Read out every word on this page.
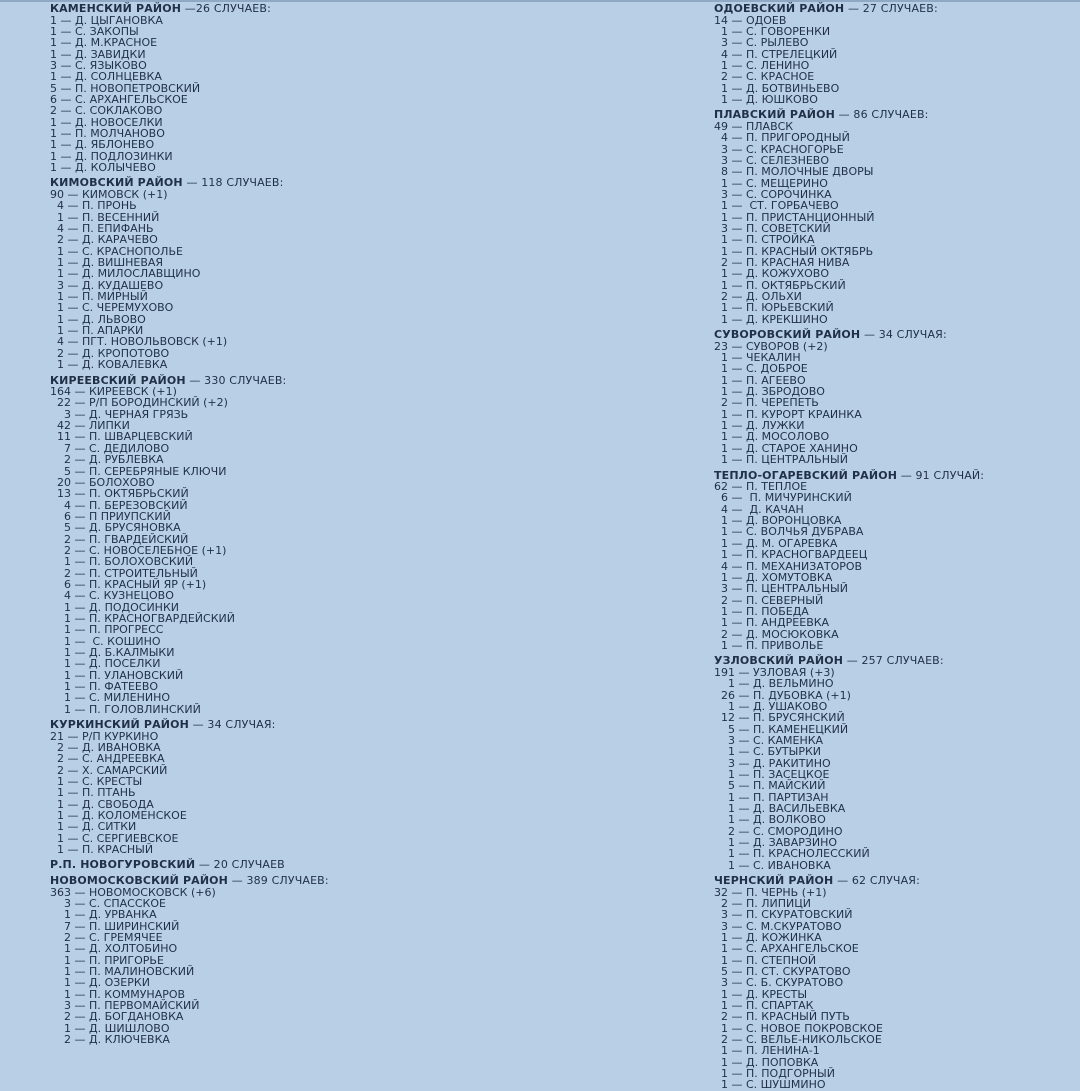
КАМЕНСКИЙ РАЙОН —26 СЛУЧАЕВ:
1 — Д. ЦЫГАНОВКА
1 — С. ЗАКОПЫ
1 — Д. М.КРАСНОЕ
1 — Д. ЗАВИДКИ
3 — С. ЯЗЫКОВО
1 — Д. СОЛНЦЕВКА
5 — П. НОВОПЕТРОВСКИЙ
6 — С. АРХАНГЕЛЬСКОЕ
2 — С. СОКЛАКОВО
1 — Д. НОВОСЕЛКИ
1 — П. МОЛЧАНОВО
1 — Д. ЯБЛОНЕВО
1 — Д. ПОДЛОЗИНКИ
1 — Д. КОЛЫЧЕВО
КИМОВСКИЙ РАЙОН — 118 СЛУЧАЕВ:
90 — КИМОВСК (+1)
4 — П. ПРОНЬ
1 — П. ВЕСЕННИЙ
4 — П. ЕПИФАНЬ
2 — Д. КАРАЧЕВО
1 — С. КРАСНОПОЛЬЕ
1 — Д. ВИШНЕВАЯ
1 — Д. МИЛОСЛАВЩИНО
3 — Д. КУДАШЕВО
1 — П. МИРНЫЙ
1 — С. ЧЕРЕМУХОВО
1 — Д. ЛЬВОВО
1 — П. АПАРКИ
4 — ПГТ. НОВОЛЬВОВСК (+1)
2 — Д. КРОПОТОВО
1 — Д. КОВАЛЕВКА
КИРЕЕВСКИЙ РАЙОН — 330 СЛУЧАЕВ:
164 — КИРЕЕВСК (+1)
22 — Р/П БОРОДИНСКИЙ (+2)
3 — Д. ЧЕРНАЯ ГРЯЗЬ
42 — ЛИПКИ
11 — П. ШВАРЦЕВСКИЙ
7 — С. ДЕДИЛОВО
2 — Д. РУБЛЕВКА
5 — П. СЕРЕБРЯНЫЕ КЛЮЧИ
20 — БОЛОХОВО
13 — П. ОКТЯБРЬСКИЙ
4 — П. БЕРЕЗОВСКИЙ
6 — П ПРИУПСКИЙ
5 — Д. БРУСЯНОВКА
2 — П. ГВАРДЕЙСКИЙ
2 — С. НОВОСЕЛЕБНОЕ (+1)
1 — П. БОЛОХОВСКИЙ
2 — П. СТРОИТЕЛЬНЫЙ
6 — П. КРАСНЫЙ ЯР (+1)
4 — С. КУЗНЕЦОВО
1 — Д. ПОДОСИНКИ
1 — П. КРАСНОГВАРДЕЙСКИЙ
1 — П. ПРОГРЕСС
1 —  С. КОШИНО
1 — Д. Б.КАЛМЫКИ
1 — Д. ПОСЕЛКИ
1 — П. УЛАНОВСКИЙ
1 — П. ФАТЕЕВО
1 — С. МИЛЕНИНО
1 — П. ГОЛОВЛИНСКИЙ
КУРКИНСКИЙ РАЙОН — 34 СЛУЧАЯ:
21 — Р/П КУРКИНО
2 — Д. ИВАНОВКА
2 — С. АНДРЕЕВКА
2 — Х. САМАРСКИЙ
1 — С. КРЕСТЫ
1 — П. ПТАНЬ
1 — Д. СВОБОДА
1 — Д. КОЛОМЕНСКОЕ
1 — Д. СИТКИ
1 — С. СЕРГИЕВСКОЕ
1 — П. КРАСНЫЙ
Р.П. НОВОГУРОВСКИЙ — 20 СЛУЧАЕВ
НОВОМОСКОВСКИЙ РАЙОН — 389 СЛУЧАЕВ:
363 — НОВОМОСКОВСК (+6)
3 — С. СПАССКОЕ
1 — Д. УРВАНКА
7 — П. ШИРИНСКИЙ
2 — С. ГРЕМЯЧЕЕ
1 — Д. ХОЛТОБИНО
1 — П. ПРИГОРЬЕ
1 — П. МАЛИНОВСКИЙ
1 — Д. ОЗЕРКИ
1 — П. КОММУНАРОВ
3 — П. ПЕРВОМАЙСКИЙ
2 — Д. БОГДАНОВКА
1 — Д. ШИШЛОВО
2 — Д. КЛЮЧЕВКА
ОДОЕВСКИЙ РАЙОН — 27 СЛУЧАЕВ:
14 — ОДОЕВ
1 — С. ГОВОРЕНКИ
3 — С. РЫЛЕВО
4 — П. СТРЕЛЕЦКИЙ
1 — С. ЛЕНИНО
2 — С. КРАСНОЕ
1 — Д. БОТВИНЬЕВО
1 — Д. ЮШКОВО
ПЛАВСКИЙ РАЙОН — 86 СЛУЧАЕВ:
49 — ПЛАВСК
4 — П. ПРИГОРОДНЫЙ
3 — С. КРАСНОГОРЬЕ
3 — С. СЕЛЕЗНЕВО
8 — П. МОЛОЧНЫЕ ДВОРЫ
1 — С. МЕЩЕРИНО
3 — С. СОРОЧИНКА
1 —  СТ. ГОРБАЧЕВО
1 — П. ПРИСТАНЦИОННЫЙ
3 — П. СОВЕТСКИЙ
1 — П. СТРОЙКА
1 — П. КРАСНЫЙ ОКТЯБРЬ
2 — П. КРАСНАЯ НИВА
1 — Д. КОЖУХОВО
1 — П. ОКТЯБРЬСКИЙ
2 — Д. ОЛЬХИ
1 — П. ЮРЬЕВСКИЙ
1 — Д. КРЕКШИНО
СУВОРОВСКИЙ РАЙОН — 34 СЛУЧАЯ:
23 — СУВОРОВ (+2)
1 — ЧЕКАЛИН
1 — С. ДОБРОЕ
1 — П. АГЕЕВО
1 — Д. ЗБРОДОВО
2 — П. ЧЕРЕПЕТЬ
1 — П. КУРОРТ КРАИНКА
1 — Д. ЛУЖКИ
1 — Д. МОСОЛОВО
1 — Д. СТАРОЕ ХАНИНО
1 — П. ЦЕНТРАЛЬНЫЙ
ТЕПЛО-ОГАРЕВСКИЙ РАЙОН — 91 СЛУЧАЙ:
62 — П. ТЕПЛОЕ
6 —  П. МИЧУРИНСКИЙ
4 —  Д. КАЧАН
1 — Д. ВОРОНЦОВКА
1 — С. ВОЛЧЬЯ ДУБРАВА
1 — Д. М. ОГАРЕВКА
1 — П. КРАСНОГВАРДЕЕЦ
4 — П. МЕХАНИЗАТОРОВ
1 — Д. ХОМУТОВКА
3 — П. ЦЕНТРАЛЬНЫЙ
2 — П. СЕВЕРНЫЙ
1 — П. ПОБЕДА
1 — П. АНДРЕЕВКА
2 — Д. МОСЮКОВКА
1 — П. ПРИВОЛЬЕ
УЗЛОВСКИЙ РАЙОН — 257 СЛУЧАЕВ:
191 — УЗЛОВАЯ (+3)
1 — Д. ВЕЛЬМИНО
26 — П. ДУБОВКА (+1)
1 — Д. УШАКОВО
12 — П. БРУСЯНСКИЙ
5 — П. КАМЕНЕЦКИЙ
3 — С. КАМЕНКА
1 — С. БУТЫРКИ
3 — Д. РАКИТИНО
1 — П. ЗАСЕЦКОЕ
5 — П. МАЙСКИЙ
1 — П. ПАРТИЗАН
1 — Д. ВАСИЛЬЕВКА
1 — Д. ВОЛКОВО
2 — С. СМОРОДИНО
1 — Д. ЗАВАРЗИНО
1 — П. КРАСНОЛЕССКИЙ
1 — С. ИВАНОВКА
ЧЕРНСКИЙ РАЙОН — 62 СЛУЧАЯ:
32 — П. ЧЕРНЬ (+1)
2 — П. ЛИПИЦИ
3 — П. СКУРАТОВСКИЙ
3 — С. М.СКУРАТОВО
1 — Д. КОЖИНКА
1 — С. АРХАНГЕЛЬСКОЕ
1 — П. СТЕПНОЙ
5 — П. СТ. СКУРАТОВО
3 — С. Б. СКУРАТОВО
1 — Д. КРЕСТЫ
1 — П. СПАРТАК
2 — П. КРАСНЫЙ ПУТЬ
1 — С. НОВОЕ ПОКРОВСКОЕ
2 — С. ВЕЛЬЕ-НИКОЛЬСКОЕ
1 — П. ЛЕНИНА-1
1 — Д. ПОПОВКА
1 — П. ПОДГОРНЫЙ
1 — С. ШУШМИНО
